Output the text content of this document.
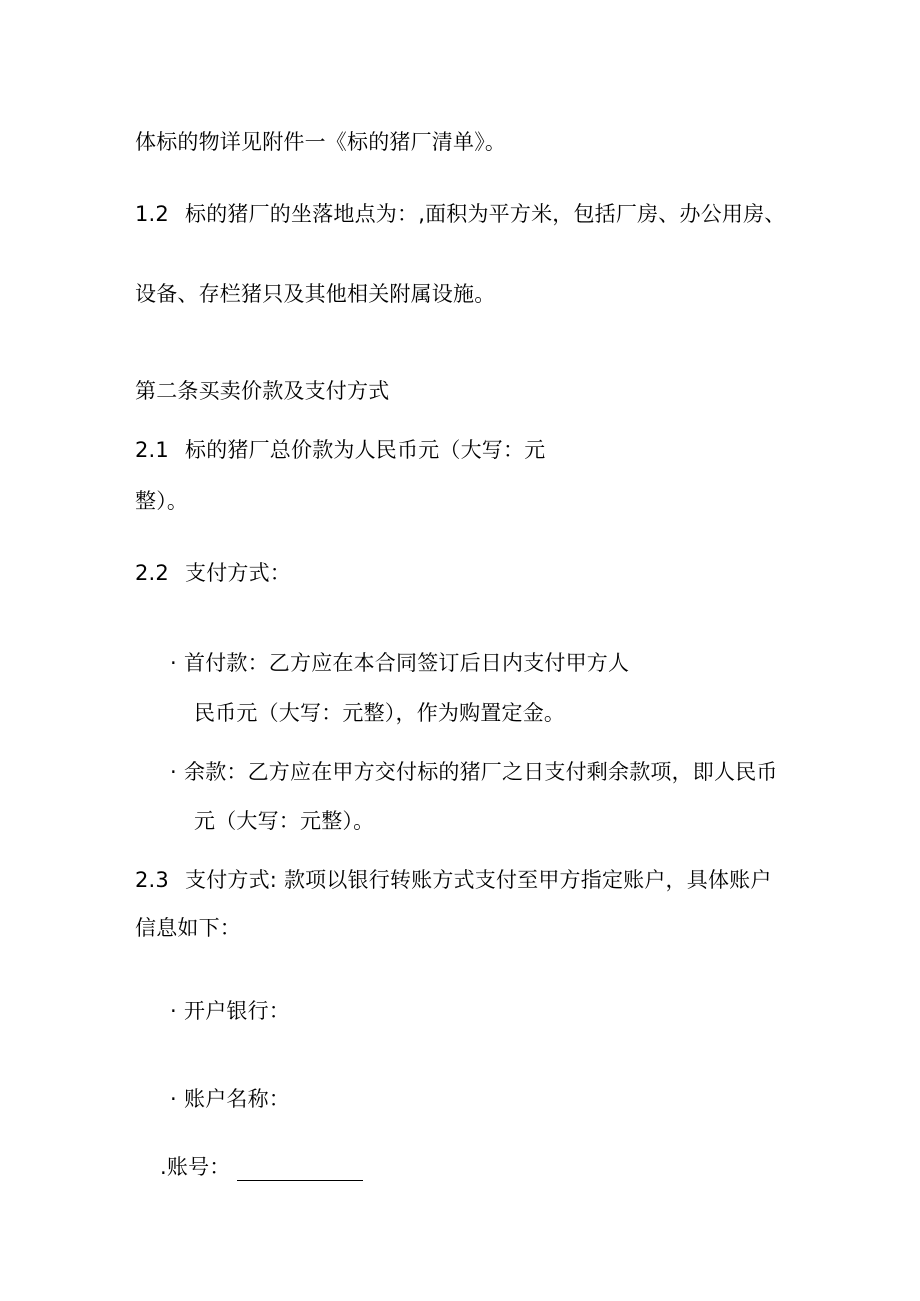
体标的物详见附件一《标的猪厂清单》。
1.2 标的猪厂的坐落地点为：,面积为平方米，包括厂房、办公用房、
设备、存栏猪只及其他相关附属设施。
第二条买卖价款及支付方式
2.1 标的猪厂总价款为人民币元（大写：元
整）。
2.2 支付方式：
· 首付款：乙方应在本合同签订后日内支付甲方人
民币元（大写：元整），作为购置定金。
· 余款：乙方应在甲方交付标的猪厂之日支付剩余款项，即人民币
元（大写：元整）。
2.3 支付方式: 款项以银行转账方式支付至甲方指定账户，具体账户
信息如下：
· 开户银行：
· 账户名称：
.账号：
